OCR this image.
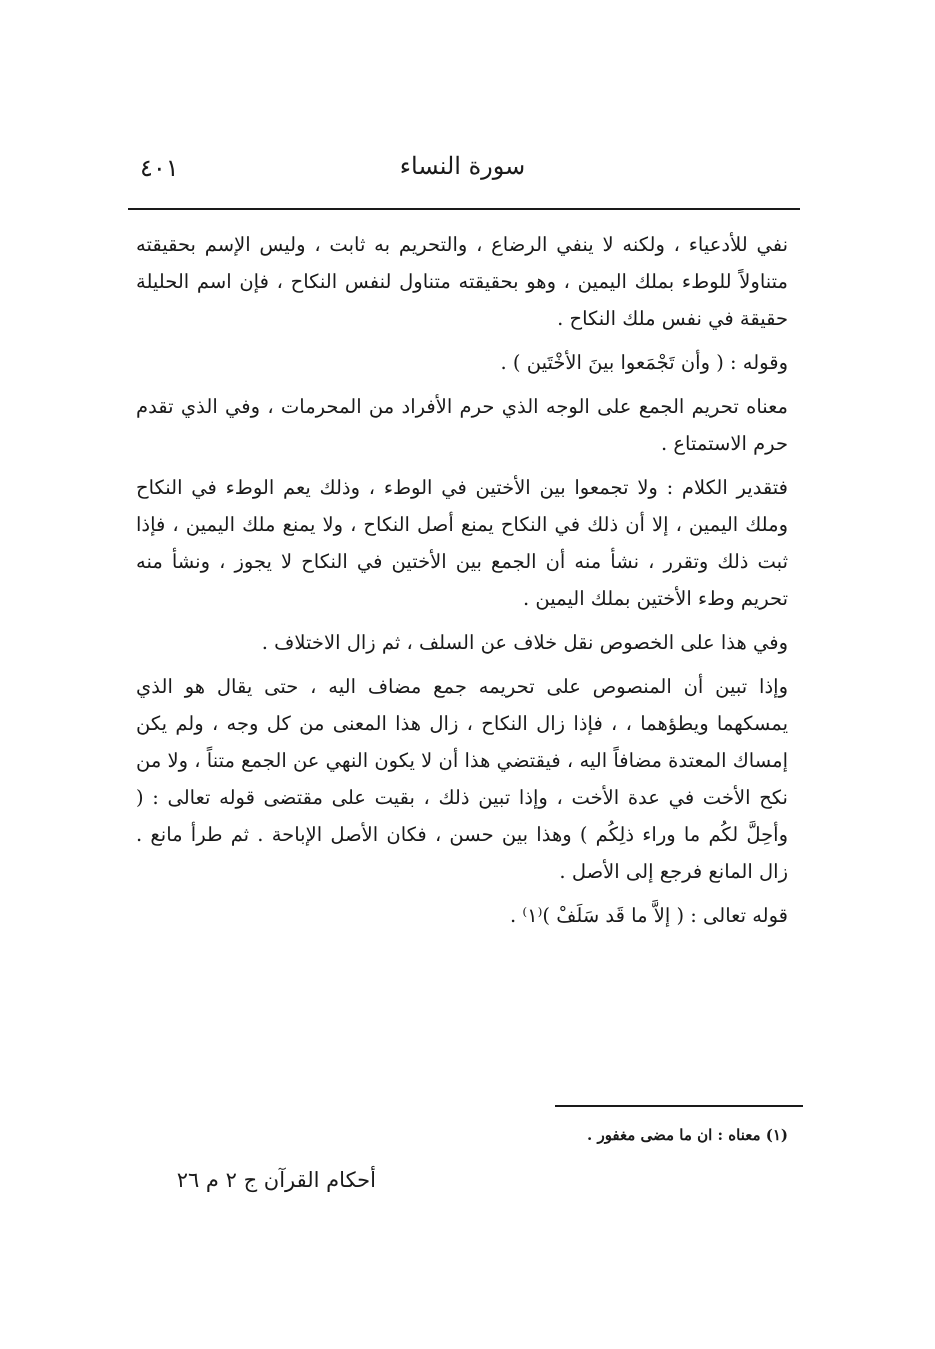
٤٠١	سورة النساء

نفي للأدعياء ، ولكنه لا ينفي الرضاع ، والتحريم به ثابت ، وليس الإسم بحقيقته متناولاً للوطء بملك اليمين ، وهو بحقيقته متناول لنفس النكاح ، فإن اسم الحليلة حقيقة في نفس ملك النكاح .

وقوله : ( وأن تَجْمَعوا بينَ الأخْتَين ) .

معناه تحريم الجمع على الوجه الذي حرم الأفراد من المحرمات ، وفي الذي تقدم حرم الاستمتاع .

فتقدير الكلام : ولا تجمعوا بين الأختين في الوطء ، وذلك يعم الوطء في النكاح وملك اليمين ، إلا أن ذلك في النكاح يمنع أصل النكاح ، ولا يمنع ملك اليمين ، فإذا ثبت ذلك وتقرر ، نشأ منه أن الجمع بين الأختين في النكاح لا يجوز ، ونشأ منه تحريم وطء الأختين بملك اليمين .

وفي هذا على الخصوص نقل خلاف عن السلف ، ثم زال الاختلاف .

وإذا تبين أن المنصوص على تحريمه جمع مضاف اليه ، حتى يقال هو الذي يمسكهما ويطؤهما ، ، فإذا زال النكاح ، زال هذا المعنى من كل وجه ، ولم يكن إمساك المعتدة مضافاً اليه ، فيقتضي هذا أن لا يكون النهي عن الجمع متناً ، ولا من نكح الأخت في عدة الأخت ، وإذا تبين ذلك ، بقيت على مقتضى قوله تعالى : ( وأحِلَّ لكُم ما وراء ذلِكُم ) وهذا بين حسن ، فكان الأصل الإباحة . ثم طرأ مانع . زال المانع فرجع إلى الأصل .

قوله تعالى : ( إلاَّ ما قَد سَلَفْ )⁽١⁾ .

(١) معناه : ان ما مضى مغفور .
أحكام القرآن ج ٢ م ٢٦
